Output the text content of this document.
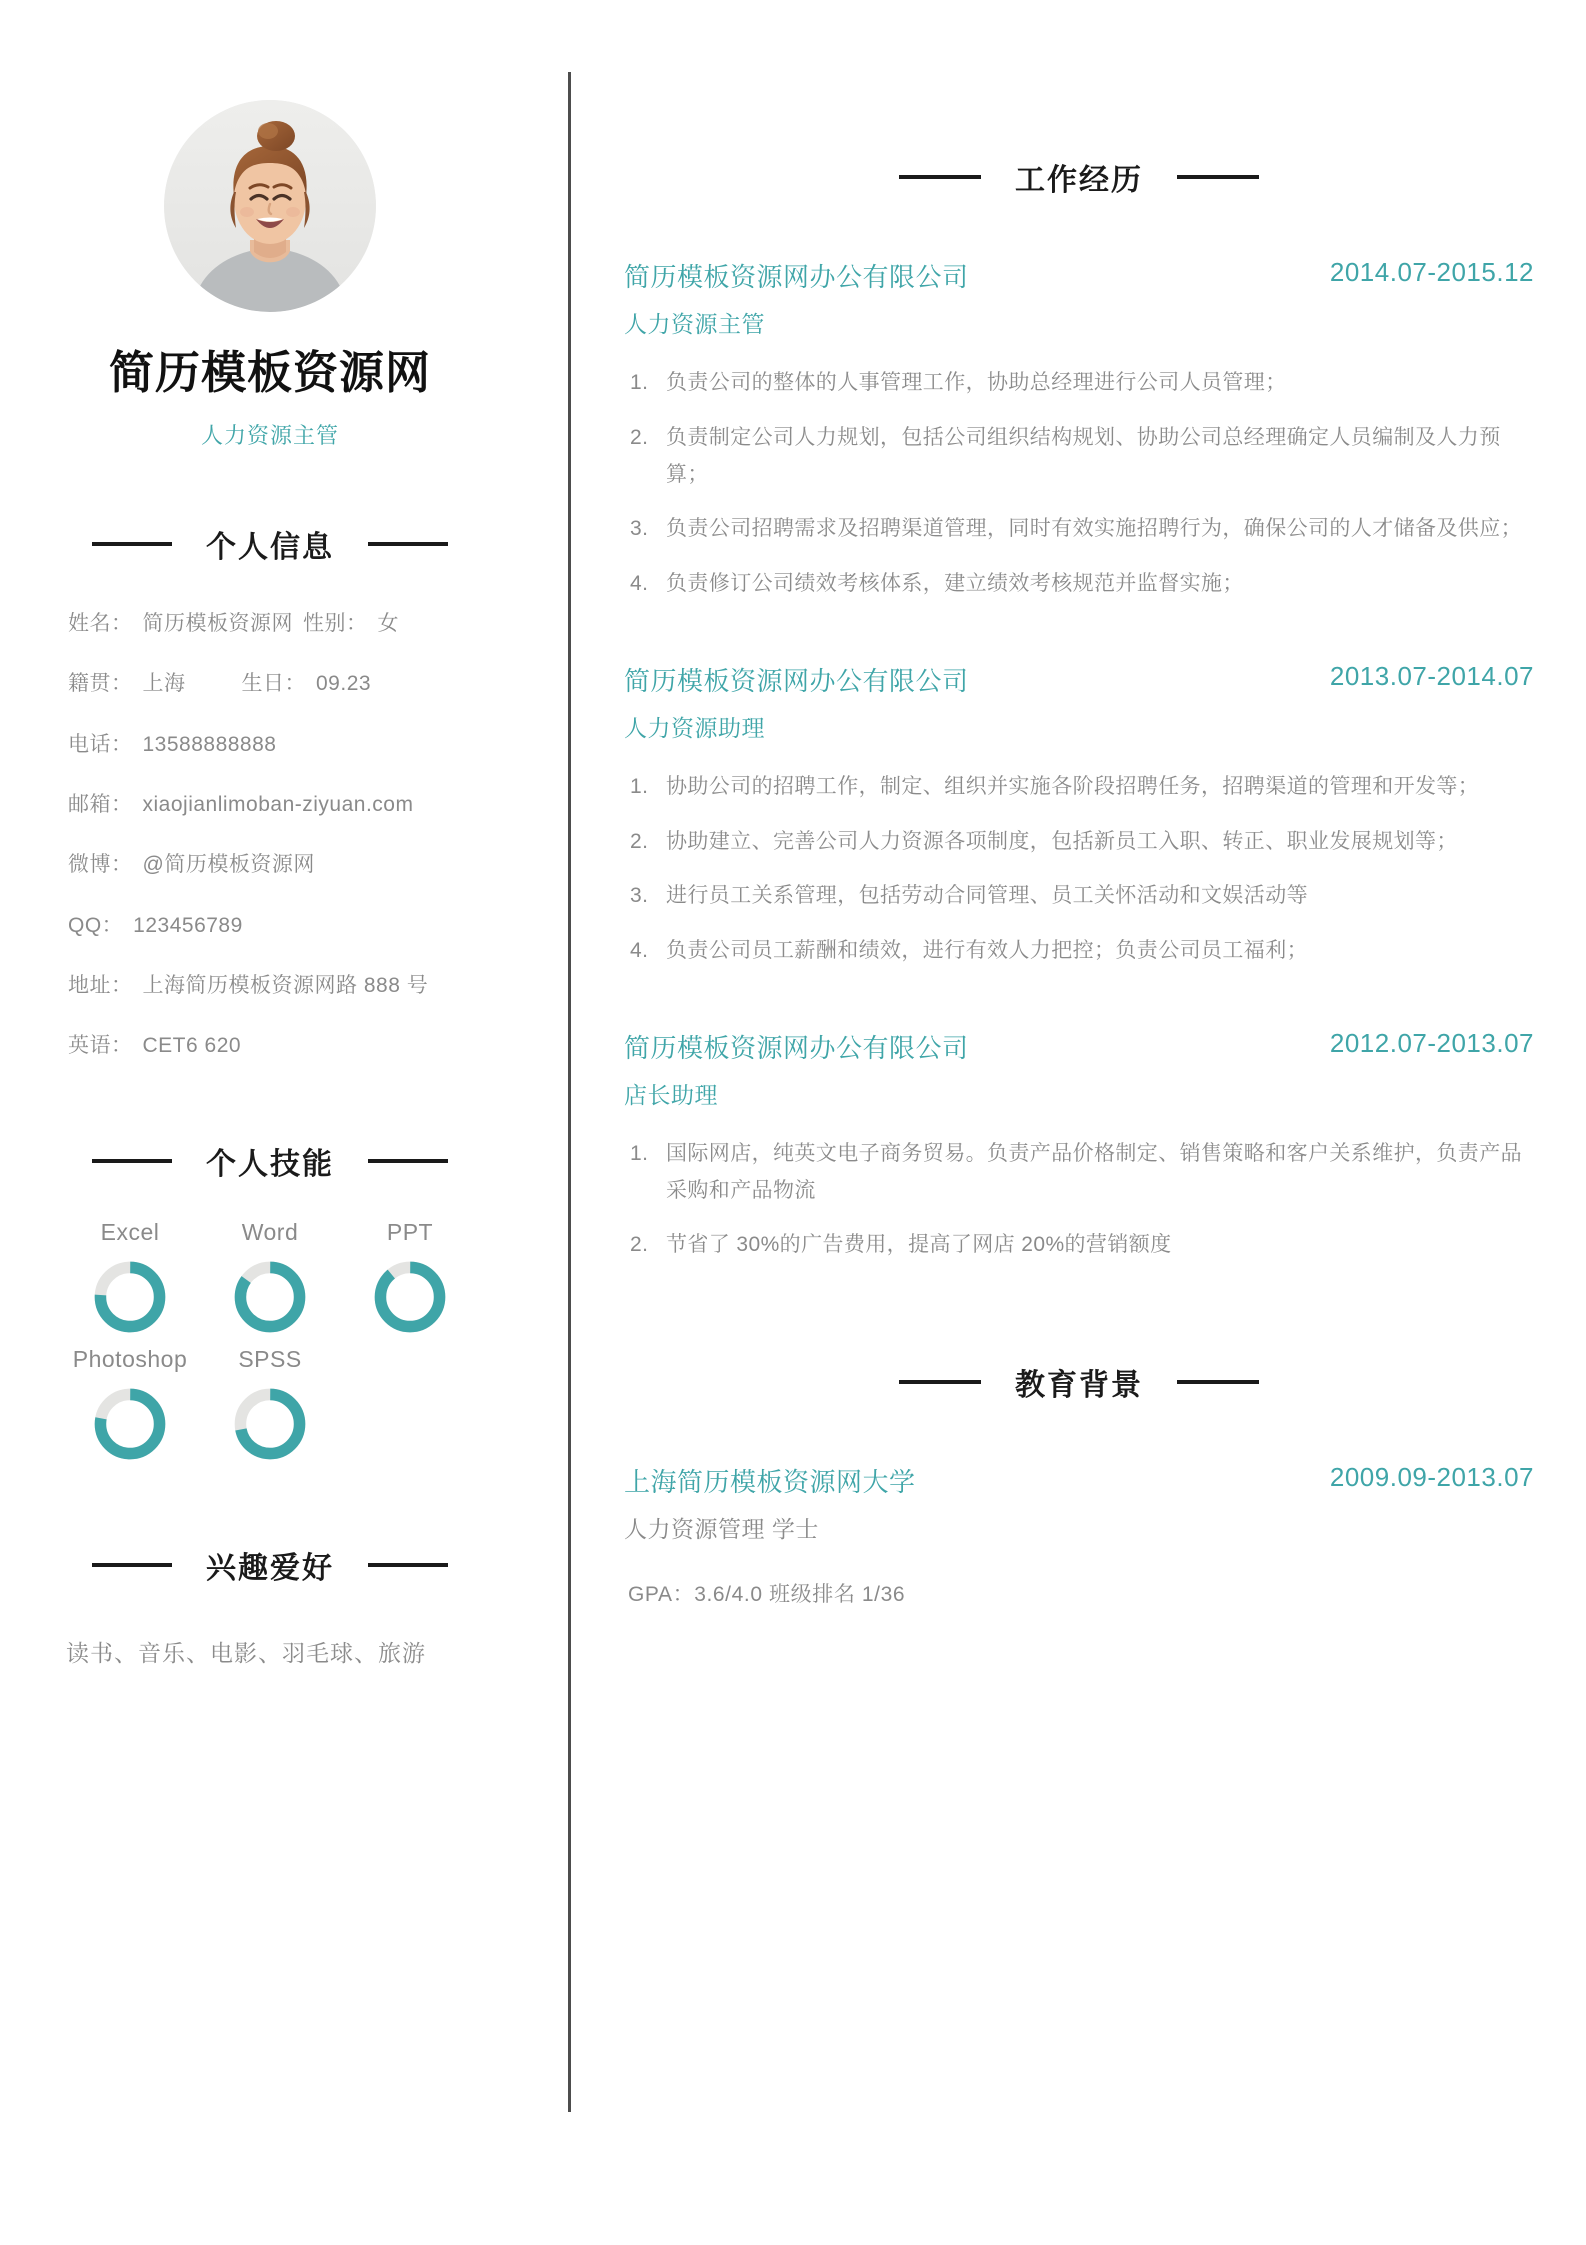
简历模板资源网
人力资源主管
个人信息
姓名： 简历模板资源网 性别： 女
籍贯： 上海	生日： 09.23
电话： 13588888888
邮箱： xiaojianlimoban-ziyuan.com
微博： @简历模板资源网
QQ： 123456789
地址： 上海简历模板资源网路 888 号
英语： CET6 620
个人技能
Excel	Word	PPT
Photoshop SPSS
兴趣爱好
读书、音乐、电影、羽毛球、旅游
工作经历
简历模板资源网办公有限公司	2014.07-2015.12
人力资源主管
1. 负责公司的整体的人事管理工作，协助总经理进行公司人员管理；
2. 负责制定公司人力规划，包括公司组织结构规划、协助公司总经理确定人员编制及人力预算；
3. 负责公司招聘需求及招聘渠道管理，同时有效实施招聘行为，确保公司的人才储备及供应；
4. 负责修订公司绩效考核体系，建立绩效考核规范并监督实施；
简历模板资源网办公有限公司	2013.07-2014.07
人力资源助理
1. 协助公司的招聘工作，制定、组织并实施各阶段招聘任务，招聘渠道的管理和开发等；
2. 协助建立、完善公司人力资源各项制度，包括新员工入职、转正、职业发展规划等；
3. 进行员工关系管理，包括劳动合同管理、员工关怀活动和文娱活动等
4. 负责公司员工薪酬和绩效，进行有效人力把控；负责公司员工福利；
简历模板资源网办公有限公司	2012.07-2013.07
店长助理
1. 国际网店，纯英文电子商务贸易。负责产品价格制定、销售策略和客户关系维护，负责产品采购和产品物流
2. 节省了 30%的广告费用，提高了网店 20%的营销额度
教育背景
上海简历模板资源网大学	2009.09-2013.07
人力资源管理 学士
GPA：3.6/4.0 班级排名 1/36
